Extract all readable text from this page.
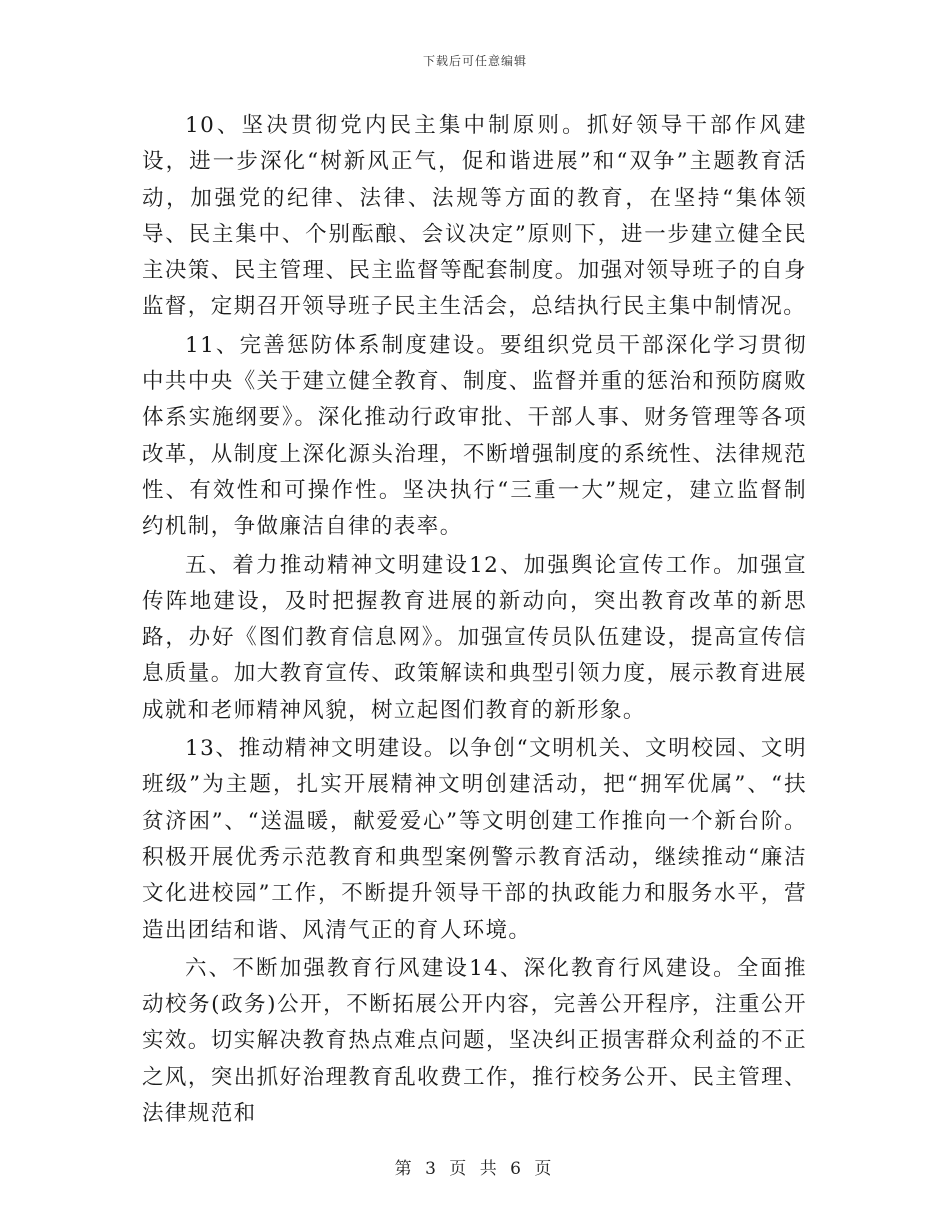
下载后可任意编辑

10、坚决贯彻党内民主集中制原则。抓好领导干部作风建设，进一步深化“树新风正气，促和谐进展”和“双争”主题教育活动，加强党的纪律、法律、法规等方面的教育，在坚持“集体领导、民主集中、个别酝酿、会议决定”原则下，进一步建立健全民主决策、民主管理、民主监督等配套制度。加强对领导班子的自身监督，定期召开领导班子民主生活会，总结执行民主集中制情况。

11、完善惩防体系制度建设。要组织党员干部深化学习贯彻中共中央《关于建立健全教育、制度、监督并重的惩治和预防腐败体系实施纲要》。深化推动行政审批、干部人事、财务管理等各项改革，从制度上深化源头治理，不断增强制度的系统性、法律规范性、有效性和可操作性。坚决执行“三重一大”规定，建立监督制约机制，争做廉洁自律的表率。

五、着力推动精神文明建设12、加强舆论宣传工作。加强宣传阵地建设，及时把握教育进展的新动向，突出教育改革的新思路，办好《图们教育信息网》。加强宣传员队伍建设，提高宣传信息质量。加大教育宣传、政策解读和典型引领力度，展示教育进展成就和老师精神风貌，树立起图们教育的新形象。

13、推动精神文明建设。以争创“文明机关、文明校园、文明班级”为主题，扎实开展精神文明创建活动，把“拥军优属”、“扶贫济困”、“送温暖，献爱爱心”等文明创建工作推向一个新台阶。积极开展优秀示范教育和典型案例警示教育活动，继续推动“廉洁文化进校园”工作，不断提升领导干部的执政能力和服务水平，营造出团结和谐、风清气正的育人环境。

六、不断加强教育行风建设14、深化教育行风建设。全面推动校务(政务)公开，不断拓展公开内容，完善公开程序，注重公开实效。切实解决教育热点难点问题，坚决纠正损害群众利益的不正之风，突出抓好治理教育乱收费工作，推行校务公开、民主管理、法律规范和

第 3 页 共 6 页
